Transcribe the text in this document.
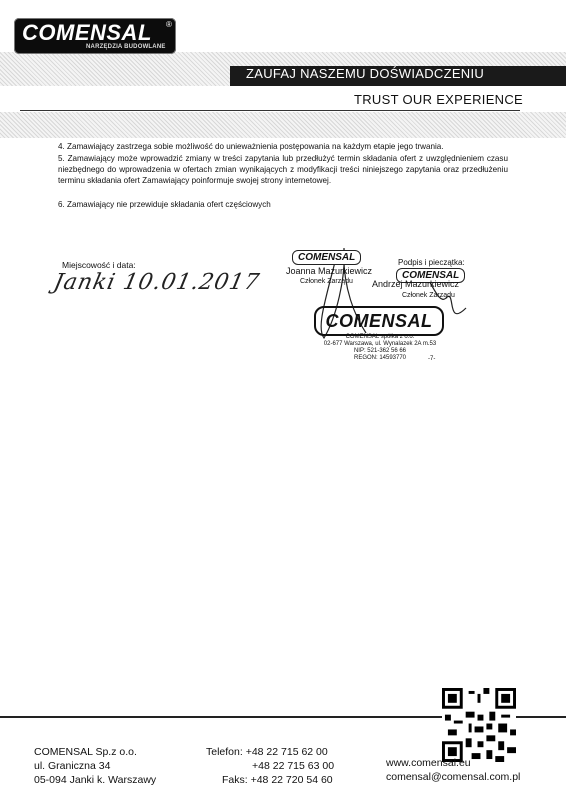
COMENSAL ®
NARZĘDZIA BUDOWLANE
ZAUFAJ NASZEMU DOŚWIADCZENIU
TRUST OUR EXPERIENCE
4. Zamawiający zastrzega sobie możliwość do unieważnienia postępowania na każdym etapie jego trwania.
5. Zamawiający może wprowadzić zmiany w treści zapytania lub przedłużyć termin składania ofert z uwzględnieniem czasu niezbędnego do wprowadzenia w ofertach zmian wynikających z modyfikacji treści niniejszego zapytania oraz przedłużeniu terminu składania ofert Zamawiający poinformuje swojej strony internetowej.
6. Zamawiający nie przewiduje składania ofert częściowych
Miejscowość i data:
Janki 10.01.2017
Podpis i pieczątka:
COMENSAL
COMENSAL
Joanna Mazurkiewicz
Członek Zarządu Andrzej Mazurkiewicz
Członek Zarządu
COMENSAL
COMENSAL spółka z o.o.
02-677 Warszawa, ul. Wynalazek 2A m.53
NIP: 521-362 56 66
REGON: 14593770	-7-
COMENSAL Sp.z o.o.
ul. Graniczna 34
05-094 Janki k. Warszawy
Telefon: +48 22 715 62 00
+48 22 715 63 00
Faks: +48 22 720 54 60
www.comensal.eu
comensal@comensal.com.pl
